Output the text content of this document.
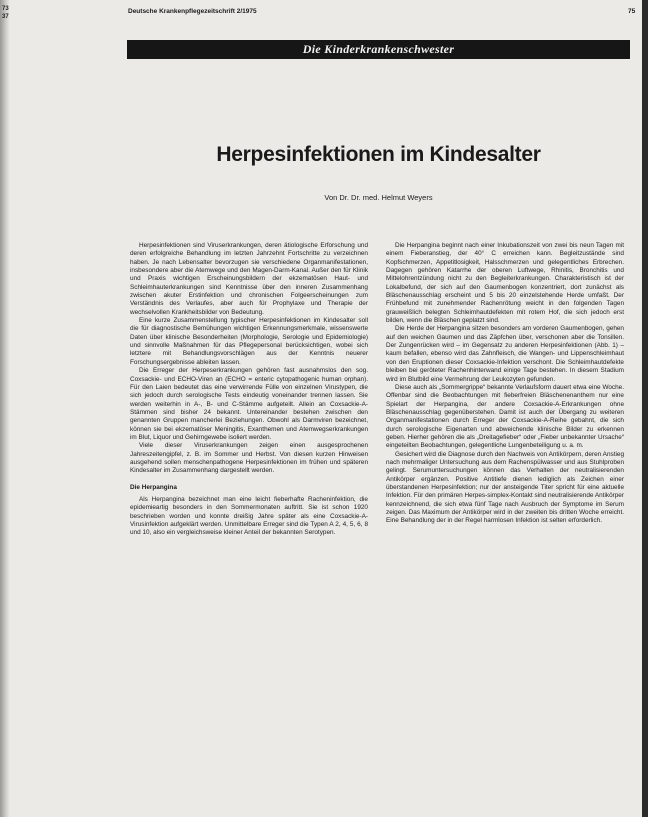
73
37
Deutsche Krankenpflegezeitschrift 2/1975	75
Die Kinderkrankenschwester
Herpesinfektionen im Kindesalter
Von Dr. Dr. med. Helmut Weyers

Herpesinfektionen sind Viruserkrankungen, deren ätiologische Erforschung und deren erfolgreiche Behandlung im letzten Jahrzehnt Fortschritte zu verzeichnen haben. Je nach Lebensalter bevorzugen sie verschiedene Organmanifestationen, insbesondere aber die Atemwege und den Magen-Darm-Kanal. Außer den für Klinik und Praxis wichtigen Erscheinungsbildern der ekzematösen Haut- und Schleimhauterkrankungen sind Kenntnisse über den inneren Zusammenhang zwischen akuter Erstinfektion und chronischen Folgeerscheinungen zum Verständnis des Verlaufes, aber auch für Prophylaxe und Therapie der wechselvollen Krankheitsbilder von Bedeutung.

Eine kurze Zusammenstellung typischer Herpesinfektionen im Kindesalter soll die für diagnostische Bemühungen wichtigen Erkennungsmerkmale, wissenswerte Daten über klinische Besonderheiten (Morphologie, Serologie und Epidemiologie) und sinnvolle Maßnahmen für das Pflegepersonal berücksichtigen, wobei sich letztere mit Behandlungsvorschlägen aus der Kenntnis neuerer Forschungsergebnisse ableiten lassen.

Die Erreger der Herpeserkrankungen gehören fast ausnahmslos den sog. Coxsackie- und ECHO-Viren an (ECHO = enteric cytopathogenic human orphan). Für den Laien bedeutet das eine verwirrende Fülle von einzelnen Virustypen, die sich jedoch durch serologische Tests eindeutig voneinander trennen lassen. Sie werden weiterhin in A-, B- und C-Stämme aufgeteilt. Allein an Coxsackie-A-Stämmen sind bisher 24 bekannt. Untereinander bestehen zwischen den genannten Gruppen mancherlei Beziehungen. Obwohl als Darmviren bezeichnet, können sie bei ekzematöser Meningitis, Exanthemen und Atemwegserkrankungen im Blut, Liquor und Gehirngewebe isoliert werden.

Viele dieser Viruserkrankungen zeigen einen ausgesprochenen Jahreszeitengipfel, z. B. im Sommer und Herbst. Von diesen kurzen Hinweisen ausgehend sollen menschenpathogene Herpesinfektionen im frühen und späteren Kindesalter im Zusammenhang dargestellt werden.

Die Herpangina

Als Herpangina bezeichnet man eine leicht fieberhafte Racheninfektion, die epidemieartig besonders in den Sommermonaten auftritt. Sie ist schon 1920 beschrieben worden und konnte dreißig Jahre später als eine Coxsackie-A-Virusinfektion aufgeklärt werden. Unmittelbare Erreger sind die Typen A 2, 4, 5, 6, 8 und 10, also ein vergleichsweise kleiner Anteil der bekannten Serotypen.

Die Herpangina beginnt nach einer Inkubationszeit von zwei bis neun Tagen mit einem Fieberanstieg, der 40° C erreichen kann. Begleitzustände sind Kopfschmerzen, Appetitlosigkeit, Halsschmerzen und gelegentliches Erbrechen. Dagegen gehören Katarrhe der oberen Luftwege, Rhinitis, Bronchitis und Mittelohrentzündung nicht zu den Begleiterkrankungen. Charakteristisch ist der Lokalbefund, der sich auf den Gaumenbogen konzentriert, dort zunächst als Bläschenausschlag erscheint und 5 bis 20 einzelstehende Herde umfaßt. Der Frühbefund mit zunehmender Rachenrötung weicht in den folgenden Tagen grauweißlich belegten Schleimhautdefekten mit rotem Hof, die sich jedoch erst bilden, wenn die Bläschen geplatzt sind.

Die Herde der Herpangina sitzen besonders am vorderen Gaumenbogen, gehen auf den weichen Gaumen und das Zäpfchen über, verschonen aber die Tonsillen. Der Zungenrücken wird – im Gegensatz zu anderen Herpesinfektionen (Abb. 1) – kaum befallen, ebenso wird das Zahnfleisch, die Wangen- und Lippenschleimhaut von den Eruptionen dieser Coxsackie-Infektion verschont. Die Schleimhautdefekte bleiben bei geröteter Rachenhinterwand einige Tage bestehen. In diesem Stadium wird im Blutbild eine Vermehrung der Leukozyten gefunden.

Diese auch als „Sommergrippe“ bekannte Verlaufsform dauert etwa eine Woche. Offenbar sind die Beobachtungen mit fieberfreien Bläschenenanthem nur eine Spielart der Herpangina, der andere Coxsackie-A-Erkrankungen ohne Bläschenausschlag gegenüberstehen. Damit ist auch der Übergang zu weiteren Organmanifestationen durch Erreger der Coxsackie-A-Reihe gebahnt, die sich durch serologische Eigenarten und abweichende klinische Bilder zu erkennen geben. Hierher gehören die als „Dreitagefieber“ oder „Fieber unbekannter Ursache“ eingeteilten Beobachtungen, gelegentliche Lungenbeteiligung u. a. m.

Gesichert wird die Diagnose durch den Nachweis von Antikörpern, deren Anstieg nach mehrmaliger Untersuchung aus dem Rachenspülwasser und aus Stuhlproben gelingt. Serumuntersuchungen können das Verhalten der neutralisierenden Antikörper ergänzen. Positive Antitiefe dienen lediglich als Zeichen einer überstandenen Herpesinfektion; nur der ansteigende Titer spricht für eine aktuelle Infektion. Für den primären Herpes-simplex-Kontakt sind neutralisierende Antikörper kennzeichnend, die sich etwa fünf Tage nach Ausbruch der Symptome im Serum zeigen. Das Maximum der Antikörper wird in der zweiten bis dritten Woche erreicht. Eine Behandlung der in der Regel harmlosen Infektion ist selten erforderlich.
